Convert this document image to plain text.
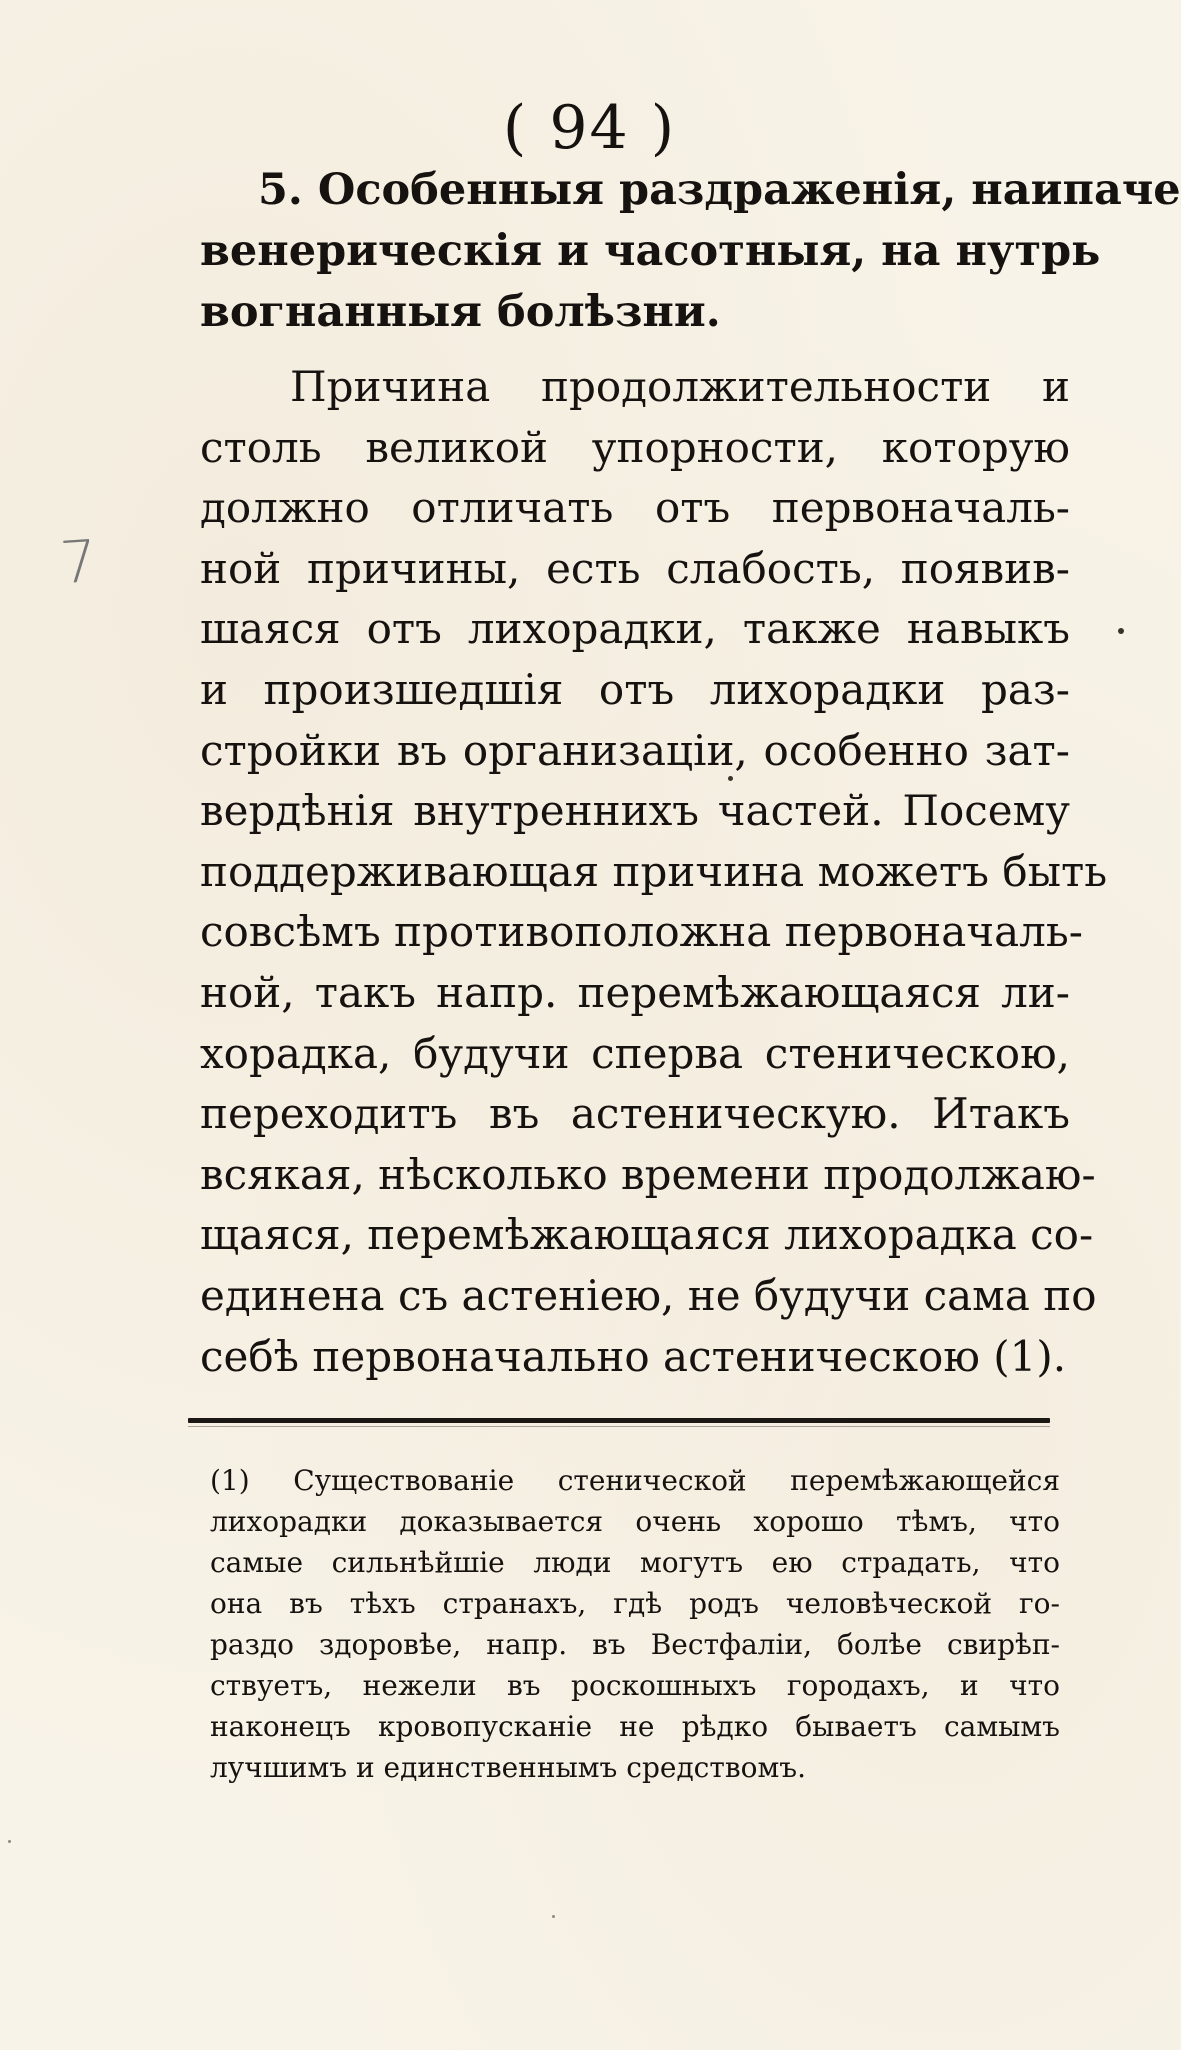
( 94 )
7
5. Особенныя раздраженія, наипаче
венерическія и часотныя, на нутрь
вогнанныя болѣзни.
Причина продолжительности и
столь великой упорности, которую
должно отличать отъ первоначаль-
ной причины, есть слабость, появив-
шаяся отъ лихорадки, также навыкъ
и произшедшія отъ лихорадки раз-
стройки въ организаціи, особенно зат-
вердѣнія внутреннихъ частей. Посему
поддерживающая причина можетъ быть
совсѣмъ противоположна первоначаль-
ной, такъ напр. перемѣжающаяся ли-
хорадка, будучи сперва стеническою,
переходитъ въ астеническую. Итакъ
всякая, нѣсколько времени продолжаю-
щаяся, перемѣжающаяся лихорадка со-
единена съ астеніею, не будучи сама по
себѣ первоначально астеническою (1).
(1) Существованіе стенической перемѣжающейся
лихорадки доказывается очень хорошо тѣмъ, что
самые сильнѣйшіе люди могутъ ею страдать, что
она въ тѣхъ странахъ, гдѣ родъ человѣческой го-
раздо здоровѣе, напр. въ Вестфаліи, болѣе свирѣп-
ствуетъ, нежели въ роскошныхъ городахъ, и что
наконецъ кровопусканіе не рѣдко бываетъ самымъ
лучшимъ и единственнымъ средствомъ.
